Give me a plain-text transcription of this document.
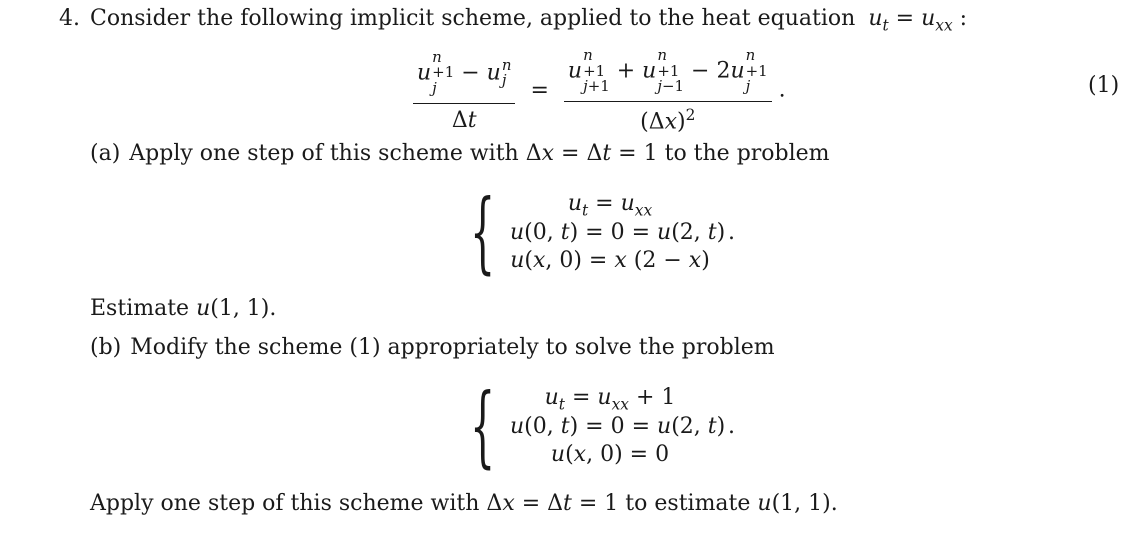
4. Consider the following implicit scheme, applied to the heat equation $u_t = u_{xx}$ :
u
n
+1
j
− u n
j
Δt = u
n
+1
j+1
+ u
n
+1
j−1
− 2u
n
+1
j
$(\Delta x)^2$ .	(1)
(a) Apply one step of this scheme with Δx = Δt = 1 to the problem
{	$u_t = u_{xx}$
u(0, t) = 0 = u(2, t)
u(x, 0) = x (2 − x)
.
Estimate u(1, 1).
(b) Modify the scheme (1) appropriately to solve the problem
{	$u_t = u_{xx} + 1$
u(0, t) = 0 = u(2, t)
u(x, 0) = 0
.
Apply one step of this scheme with Δx = Δt = 1 to estimate u(1, 1).
